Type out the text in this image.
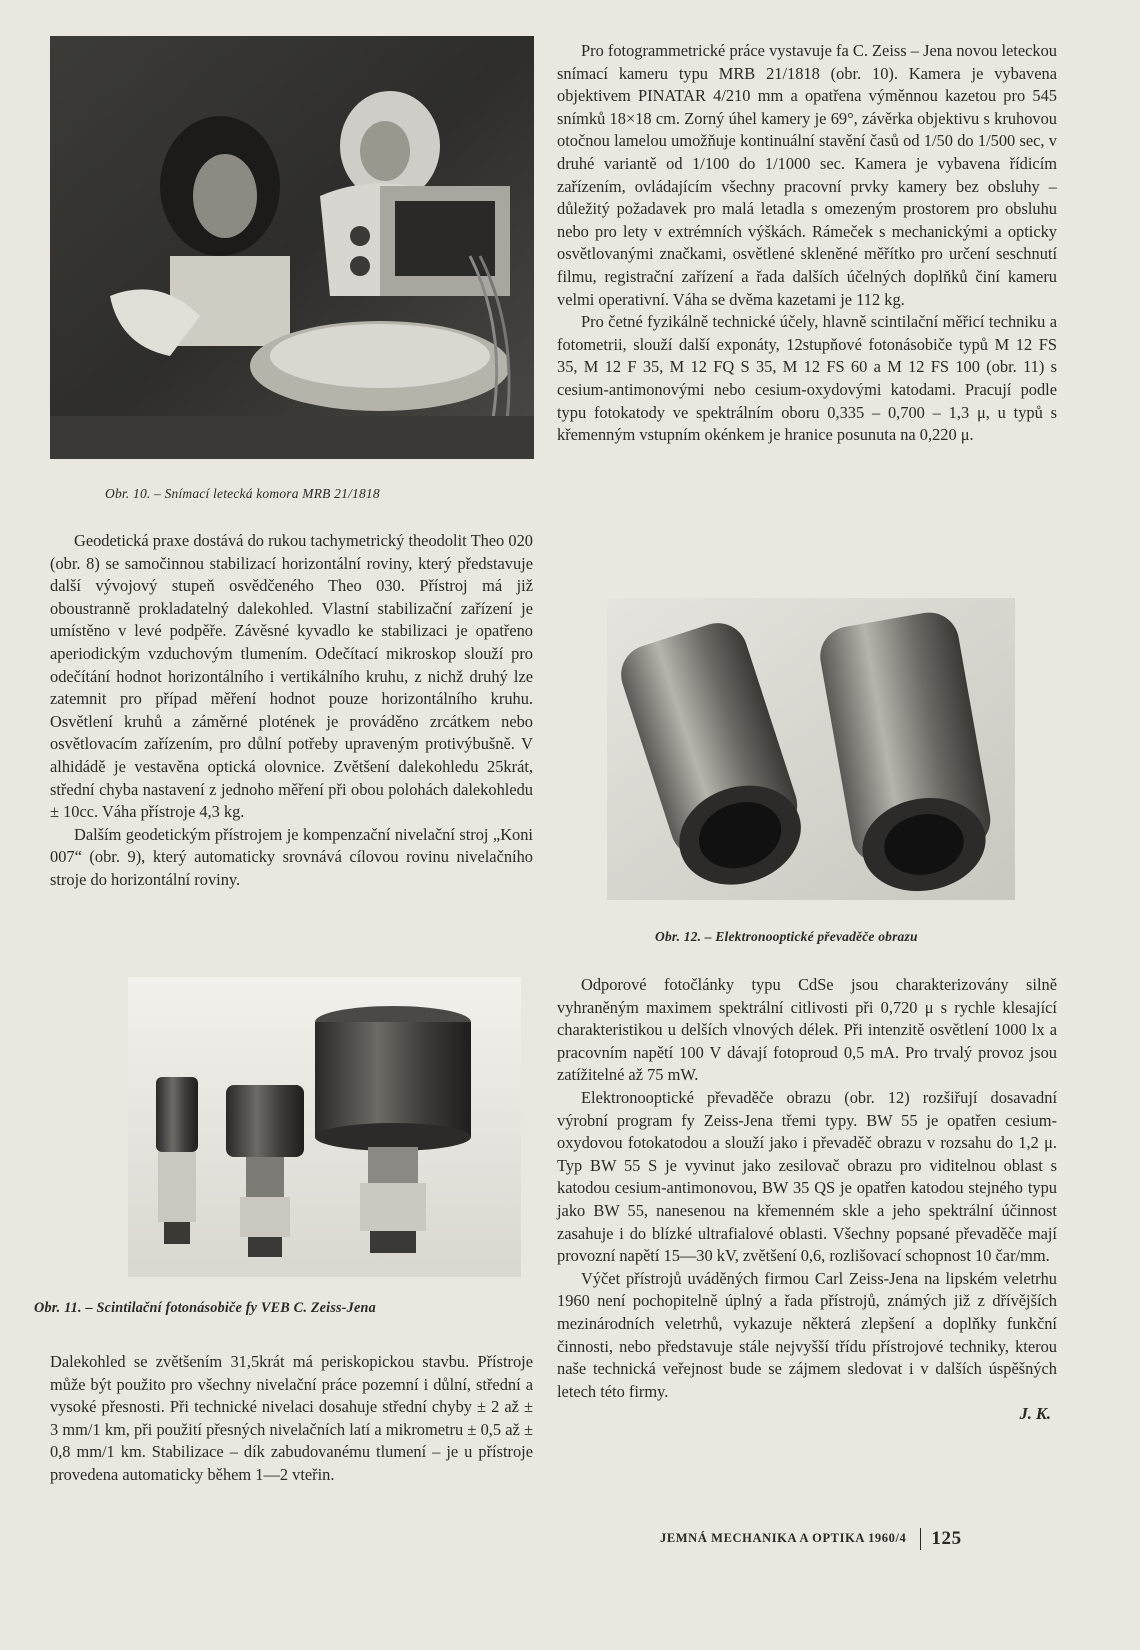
Obr. 10. – Snímací letecká komora MRB 21/1818

Geodetická praxe dostává do rukou tachymetrický theodolit Theo 020 (obr. 8) se samočinnou stabilizací horizontální roviny, který představuje další vývojový stupeň osvědčeného Theo 030. Přístroj má již oboustranně prokladatelný dalekohled. Vlastní stabilizační zařízení je umístěno v levé podpěře. Závěsné kyvadlo ke stabilizaci je opatřeno aperiodickým vzduchovým tlumením. Odečítací mikroskop slouží pro odečítání hodnot horizontálního i vertikálního kruhu, z nichž druhý lze zatemnit pro případ měření hodnot pouze horizontálního kruhu. Osvětlení kruhů a záměrné plotének je prováděno zrcátkem nebo osvětlovacím zařízením, pro důlní potřeby upraveným protivýbušně. V alhidádě je vestavěna optická olovnice. Zvětšení dalekohledu 25krát, střední chyba nastavení z jednoho měření při obou polohách dalekohledu ± 10cc. Váha přístroje 4,3 kg.

Dalším geodetickým přístrojem je kompenzační nivelační stroj „Koni 007“ (obr. 9), který automaticky srovnává cílovou rovinu nivelačního stroje do horizontální roviny.

Obr. 11. – Scintilační fotonásobiče fy VEB C. Zeiss-Jena

Dalekohled se zvětšením 31,5krát má periskopickou stavbu. Přístroje může být použito pro všechny nivelační práce pozemní i důlní, střední a vysoké přesnosti. Při technické nivelaci dosahuje střední chyby ± 2 až ± 3 mm/1 km, při použití přesných nivelačních latí a mikrometru ± 0,5 až ± 0,8 mm/1 km. Stabilizace – dík zabudovanému tlumení – je u přístroje provedena automaticky během 1—2 vteřin.

Pro fotogrammetrické práce vystavuje fa C. Zeiss – Jena novou leteckou snímací kameru typu MRB 21/1818 (obr. 10). Kamera je vybavena objektivem PINATAR 4/210 mm a opatřena výměnnou kazetou pro 545 snímků 18×18 cm. Zorný úhel kamery je 69°, závěrka objektivu s kruhovou otočnou lamelou umožňuje kontinuální stavění časů od 1/50 do 1/500 sec, v druhé variantě od 1/100 do 1/1000 sec. Kamera je vybavena řídicím zařízením, ovládajícím všechny pracovní prvky kamery bez obsluhy – důležitý požadavek pro malá letadla s omezeným prostorem pro obsluhu nebo pro lety v extrémních výškách. Rámeček s mechanickými a opticky osvětlovanými značkami, osvětlené skleněné měřítko pro určení seschnutí filmu, registrační zařízení a řada dalších účelných doplňků činí kameru velmi operativní. Váha se dvěma kazetami je 112 kg.

Pro četné fyzikálně technické účely, hlavně scintilační měřicí techniku a fotometrii, slouží další exponáty, 12stupňové fotonásobiče typů M 12 FS 35, M 12 F 35, M 12 FQ S 35, M 12 FS 60 a M 12 FS 100 (obr. 11) s cesium-antimonovými nebo cesium-oxydovými katodami. Pracují podle typu fotokatody ve spektrálním oboru 0,335 – 0,700 – 1,3 μ, u typů s křemenným vstupním okénkem je hranice posunuta na 0,220 μ.

Obr. 12. – Elektronooptické převaděče obrazu

Odporové fotočlánky typu CdSe jsou charakterizovány silně vyhraněným maximem spektrální citlivosti při 0,720 μ s rychle klesající charakteristikou u delších vlnových délek. Při intenzitě osvětlení 1000 lx a pracovním napětí 100 V dávají fotoproud 0,5 mA. Pro trvalý provoz jsou zatížitelné až 75 mW.

Elektronooptické převaděče obrazu (obr. 12) rozšiřují dosavadní výrobní program fy Zeiss-Jena třemi typy. BW 55 je opatřen cesium-oxydovou fotokatodou a slouží jako i převaděč obrazu v rozsahu do 1,2 μ. Typ BW 55 S je vyvinut jako zesilovač obrazu pro viditelnou oblast s katodou cesium-antimonovou, BW 35 QS je opatřen katodou stejného typu jako BW 55, nanesenou na křemenném skle a jeho spektrální účinnost zasahuje i do blízké ultrafialové oblasti. Všechny popsané převaděče mají provozní napětí 15—30 kV, zvětšení 0,6, rozlišovací schopnost 10 čar/mm.

Výčet přístrojů uváděných firmou Carl Zeiss-Jena na lipském veletrhu 1960 není pochopitelně úplný a řada přístrojů, známých již z dřívějších mezinárodních veletrhů, vykazuje některá zlepšení a doplňky funkční činnosti, nebo představuje stále nejvyšší třídu přístrojové techniky, kterou naše technická veřejnost bude se zájmem sledovat i v dalších úspěšných letech této firmy.

J. K.

JEMNÁ MECHANIKA A OPTIKA 1960/4 125
